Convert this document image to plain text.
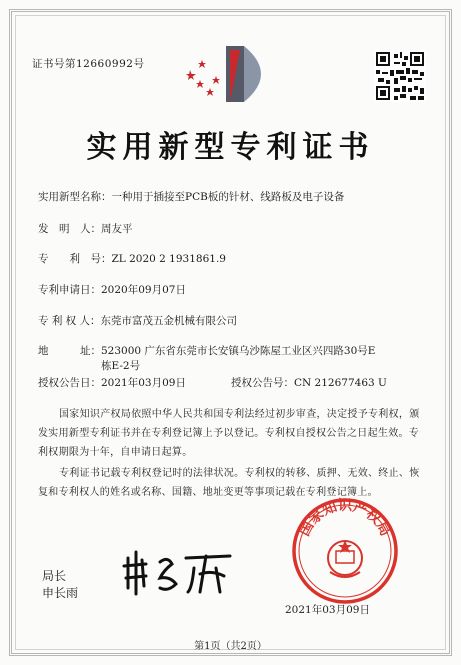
证书号第12660992号
实用新型专利证书
实用新型名称： 一种用于插接至PCB板的针材、线路板及电子设备
发　明　人： 周友平
专　　利　号： ZL 2020 2 1931861.9
专利申请日： 2020年09月07日
专 利 权 人： 东莞市富茂五金机械有限公司
地　　　址： 523000 广东省东莞市长安镇乌沙陈屋工业区兴四路30号E栋E-2号
授权公告日： 2021年03月09日	授权公告号： CN 212677463 U
国家知识产权局依照中华人民共和国专利法经过初步审查，决定授予专利权，颁发实用新型专利证书并在专利登记簿上予以登记。专利权自授权公告之日起生效。专利权期限为十年，自申请日起算。
专利证书记载专利权登记时的法律状况。专利权的转移、质押、无效、终止、恢复和专利权人的姓名或名称、国籍、地址变更等事项记载在专利登记簿上。
局长
申长雨
国家知识产权局
2021年03月09日
第1页（共2页）
